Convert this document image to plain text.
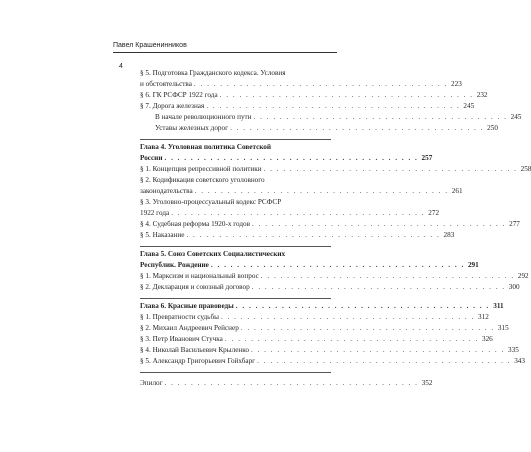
Павел Крашенинников
4
§ 5. Подготовка Гражданского кодекса. Условия
и обстоятельства . . . . . . . . . . . . . . . . . . . . . . . . . . . . . . . . . . . . . . . 223
§ 6. ГК РСФСР 1922 года . . . . . . . . . . . . . . . . . . . . . . . . . . . . . . . . . . . . . . . 232
§ 7. Дорога железная . . . . . . . . . . . . . . . . . . . . . . . . . . . . . . . . . . . . . . . 245
В начале революционного пути . . . . . . . . . . . . . . . . . . . . . . . . . . . . . . . . . . . . . . . 245
Уставы железных дорог . . . . . . . . . . . . . . . . . . . . . . . . . . . . . . . . . . . . . . . 250
Глава 4. Уголовная политика Советской
России . . . . . . . . . . . . . . . . . . . . . . . . . . . . . . . . . . . . . . . 257
§ 1. Концепция репрессивной политики . . . . . . . . . . . . . . . . . . . . . . . . . . . . . . . . . . . . . . . 258
§ 2. Кодификация советского уголовного
законодательства . . . . . . . . . . . . . . . . . . . . . . . . . . . . . . . . . . . . . . . 261
§ 3. Уголовно-процессуальный кодекс РСФСР
1922 года . . . . . . . . . . . . . . . . . . . . . . . . . . . . . . . . . . . . . . . 272
§ 4. Судебная реформа 1920-х годов . . . . . . . . . . . . . . . . . . . . . . . . . . . . . . . . . . . . . . . 277
§ 5. Наказание . . . . . . . . . . . . . . . . . . . . . . . . . . . . . . . . . . . . . . . 283
Глава 5. Союз Советских Социалистических
Республик. Рождение . . . . . . . . . . . . . . . . . . . . . . . . . . . . . . . . . . . . . . . 291
§ 1. Марксизм и национальный вопрос . . . . . . . . . . . . . . . . . . . . . . . . . . . . . . . . . . . . . . . 292
§ 2. Декларация и союзный договор . . . . . . . . . . . . . . . . . . . . . . . . . . . . . . . . . . . . . . . 300
Глава 6. Красные правоведы . . . . . . . . . . . . . . . . . . . . . . . . . . . . . . . . . . . . . . . 311
§ 1. Превратности судьбы . . . . . . . . . . . . . . . . . . . . . . . . . . . . . . . . . . . . . . . 312
§ 2. Михаил Андреевич Рейснер . . . . . . . . . . . . . . . . . . . . . . . . . . . . . . . . . . . . . . . 315
§ 3. Петр Иванович Стучка . . . . . . . . . . . . . . . . . . . . . . . . . . . . . . . . . . . . . . . 326
§ 4. Николай Васильевич Крыленко . . . . . . . . . . . . . . . . . . . . . . . . . . . . . . . . . . . . . . . 335
§ 5. Александр Григорьевич Гойхбарг . . . . . . . . . . . . . . . . . . . . . . . . . . . . . . . . . . . . . . . 343
Эпилог . . . . . . . . . . . . . . . . . . . . . . . . . . . . . . . . . . . . . . . 352
